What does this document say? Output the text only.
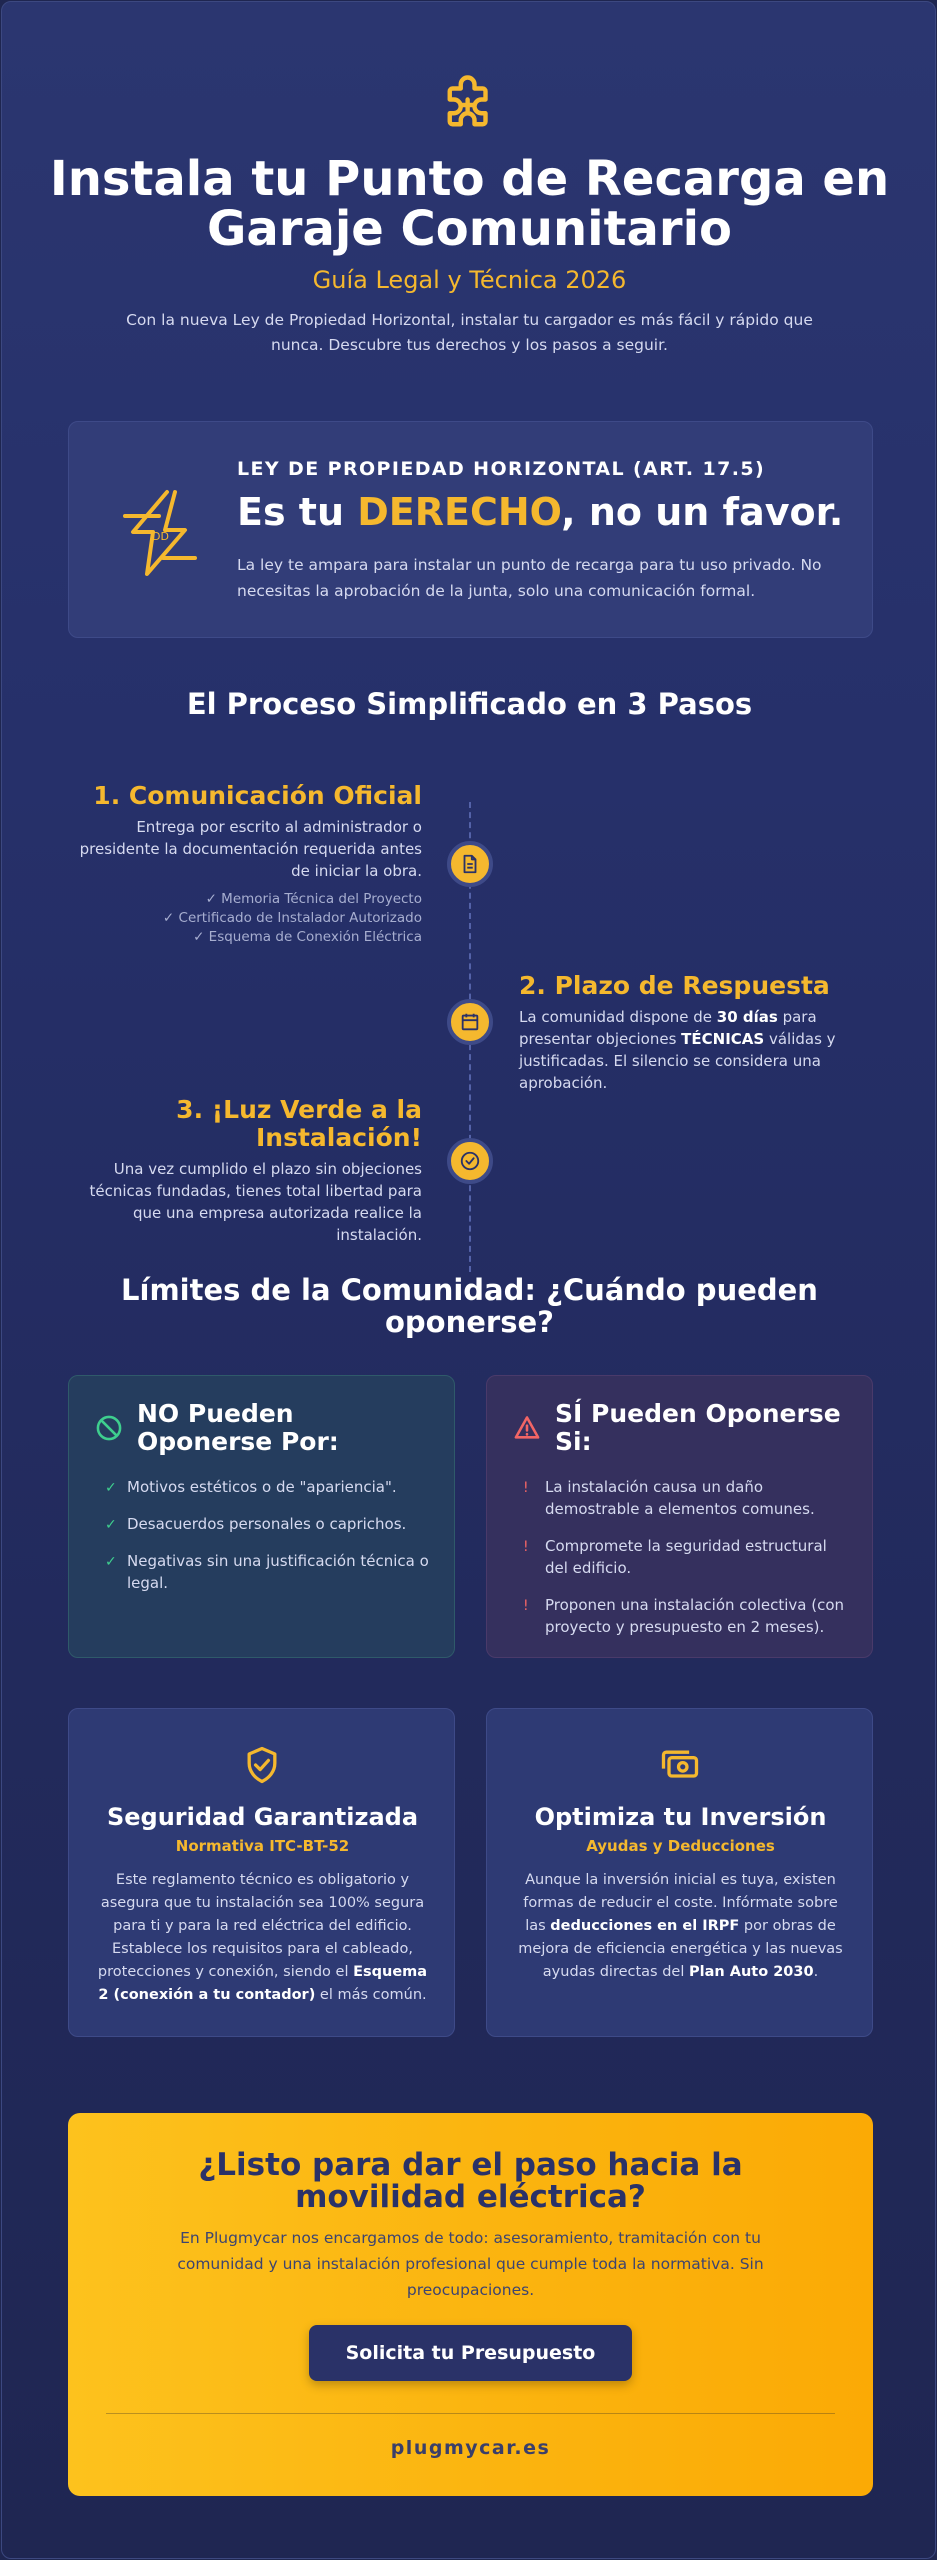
Instala tu Punto de Recarga en Garaje Comunitario
Guía Legal y Técnica 2026

Con la nueva Ley de Propiedad Horizontal, instalar tu cargador es más fácil y rápido que nunca. Descubre tus derechos y los pasos a seguir.

DD
LEY DE PROPIEDAD HORIZONTAL (ART. 17.5)
Es tu DERECHO, no un favor.

La ley te ampara para instalar un punto de recarga para tu uso privado. No necesitas la aprobación de la junta, solo una comunicación formal.

El Proceso Simplificado en 3 Pasos
1. Comunicación Oficial

Entrega por escrito al administrador o presidente la documentación requerida antes de iniciar la obra.

✓ Memoria Técnica del Proyecto
✓ Certificado de Instalador Autorizado
✓ Esquema de Conexión Eléctrica
2. Plazo de Respuesta

La comunidad dispone de 30 días para presentar objeciones TÉCNICAS válidas y justificadas. El silencio se considera una aprobación.

3. ¡Luz Verde a la Instalación!

Una vez cumplido el plazo sin objeciones técnicas fundadas, tienes total libertad para que una empresa autorizada realice la instalación.

Límites de la Comunidad: ¿Cuándo pueden oponerse?
NO Pueden Oponerse Por:
✓ Motivos estéticos o de "apariencia".
✓ Desacuerdos personales o caprichos.
✓ Negativas sin una justificación técnica o legal.
SÍ Pueden Oponerse Si:
! La instalación causa un daño demostrable a elementos comunes.
! Compromete la seguridad estructural del edificio.
! Proponen una instalación colectiva (con proyecto y presupuesto en 2 meses).
Seguridad Garantizada
Normativa ITC-BT-52

Este reglamento técnico es obligatorio y asegura que tu instalación sea 100% segura para ti y para la red eléctrica del edificio. Establece los requisitos para el cableado, protecciones y conexión, siendo el Esquema 2 (conexión a tu contador) el más común.

Optimiza tu Inversión
Ayudas y Deducciones

Aunque la inversión inicial es tuya, existen formas de reducir el coste. Infórmate sobre las deducciones en el IRPF por obras de mejora de eficiencia energética y las nuevas ayudas directas del Plan Auto 2030.

¿Listo para dar el paso hacia la movilidad eléctrica?

En Plugmycar nos encargamos de todo: asesoramiento, tramitación con tu comunidad y una instalación profesional que cumple toda la normativa. Sin preocupaciones.

Solicita tu Presupuesto
plugmycar.es
